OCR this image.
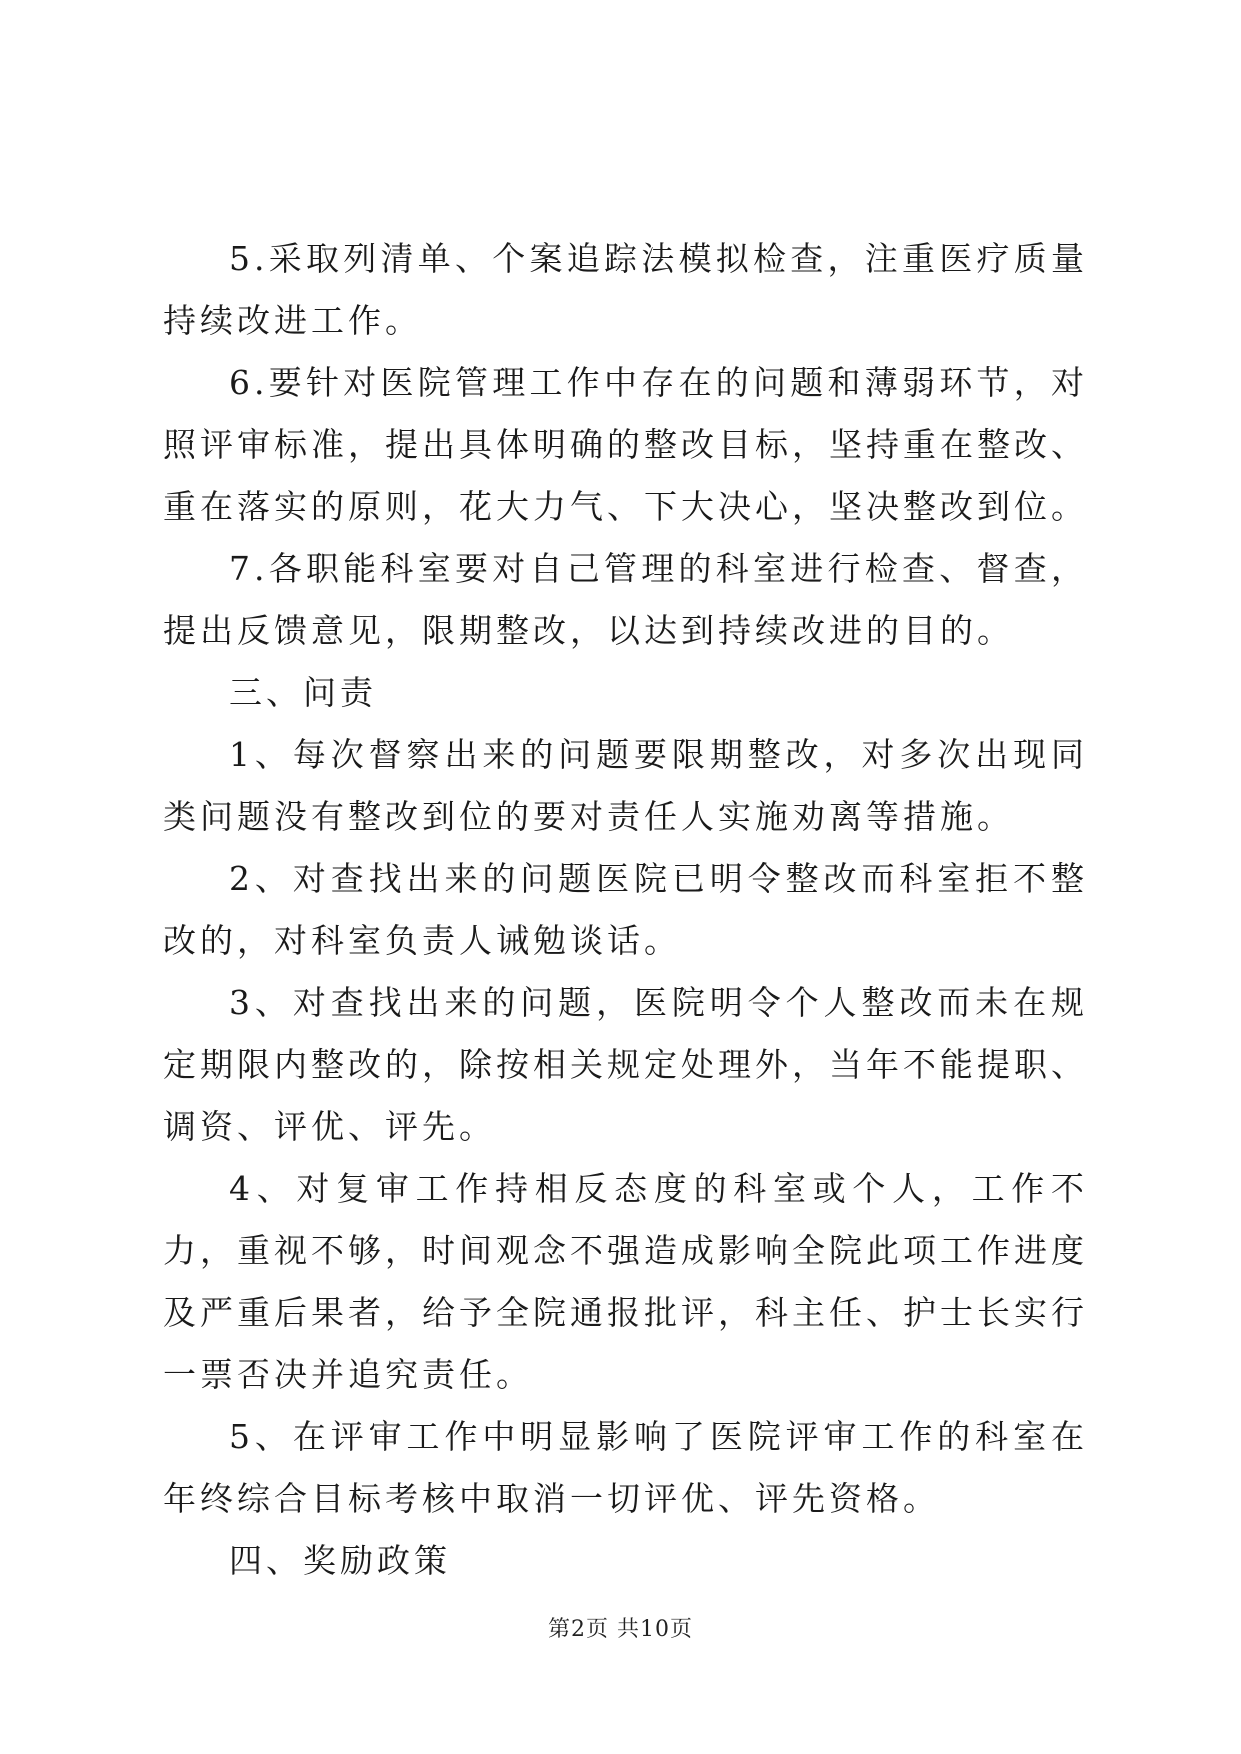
5.采取列清单、个案追踪法模拟检查，注重医疗质量持续改进工作。

6.要针对医院管理工作中存在的问题和薄弱环节，对照评审标准，提出具体明确的整改目标，坚持重在整改、重在落实的原则，花大力气、下大决心，坚决整改到位。

7.各职能科室要对自己管理的科室进行检查、督查，提出反馈意见，限期整改，以达到持续改进的目的。

三、问责

1、每次督察出来的问题要限期整改，对多次出现同类问题没有整改到位的要对责任人实施劝离等措施。

2、对查找出来的问题医院已明令整改而科室拒不整改的，对科室负责人诫勉谈话。

3、对查找出来的问题，医院明令个人整改而未在规定期限内整改的，除按相关规定处理外，当年不能提职、调资、评优、评先。

4、对复审工作持相反态度的科室或个人，工作不力，重视不够，时间观念不强造成影响全院此项工作进度及严重后果者，给予全院通报批评，科主任、护士长实行一票否决并追究责任。

5、在评审工作中明显影响了医院评审工作的科室在年终综合目标考核中取消一切评优、评先资格。

四、奖励政策

第2页 共10页
